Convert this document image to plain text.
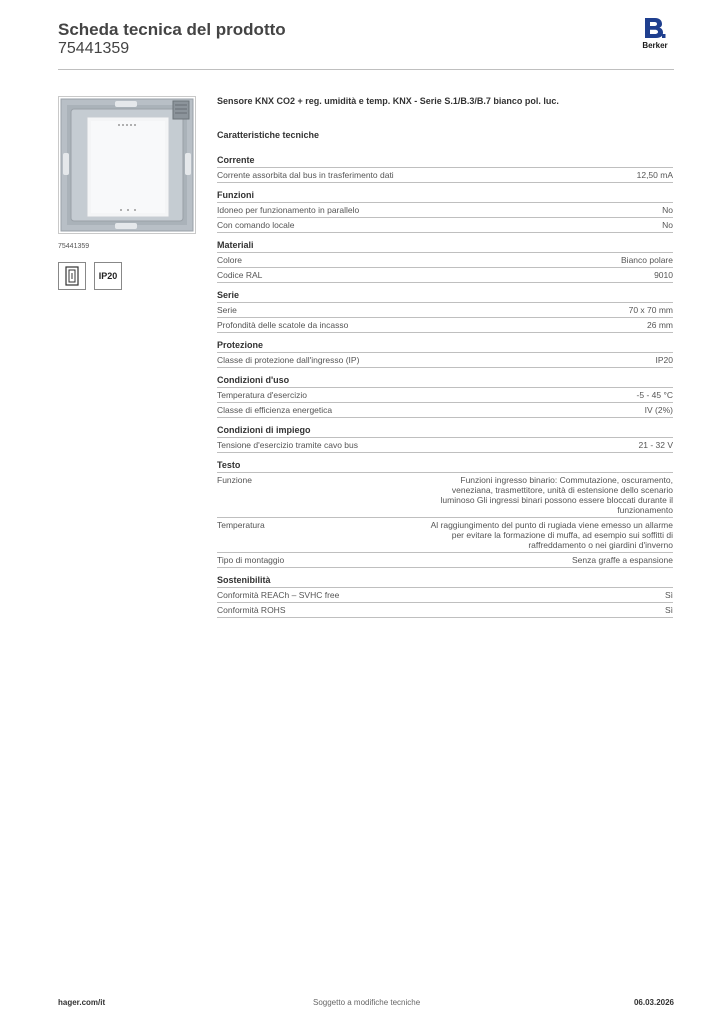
Scheda tecnica del prodotto
75441359	Berker
75441359
IP20
Sensore KNX CO2 + reg. umidità e temp. KNX - Serie S.1/B.3/B.7 bianco pol. luc.
Caratteristiche tecniche
Corrente
Corrente assorbita dal bus in trasferimento dati	12,50 mA
Funzioni
Idoneo per funzionamento in parallelo	No
Con comando locale	No
Materiali
Colore	Bianco polare
Codice RAL	9010
Serie
Serie	70 x 70 mm
Profondità delle scatole da incasso	26 mm
Protezione
Classe di protezione dall'ingresso (IP)	IP20
Condizioni d'uso
Temperatura d'esercizio	-5 - 45 °C
Classe di efficienza energetica	IV (2%)
Condizioni di impiego
Tensione d'esercizio tramite cavo bus	21 - 32 V
Testo
Funzione	Funzioni ingresso binario: Commutazione, oscuramento, veneziana, trasmettitore, unità di estensione dello scenario luminoso Gli ingressi binari possono essere bloccati durante il funzionamento
Temperatura	Al raggiungimento del punto di rugiada viene emesso un allarme per evitare la formazione di muffa, ad esempio sui soffitti di raffreddamento o nei giardini d'inverno
Tipo di montaggio	Senza graffe a espansione
Sostenibilità
Conformità REACh – SVHC free	Sì
Conformità ROHS	Sì
hager.com/it	Soggetto a modifiche tecniche	06.03.2026
